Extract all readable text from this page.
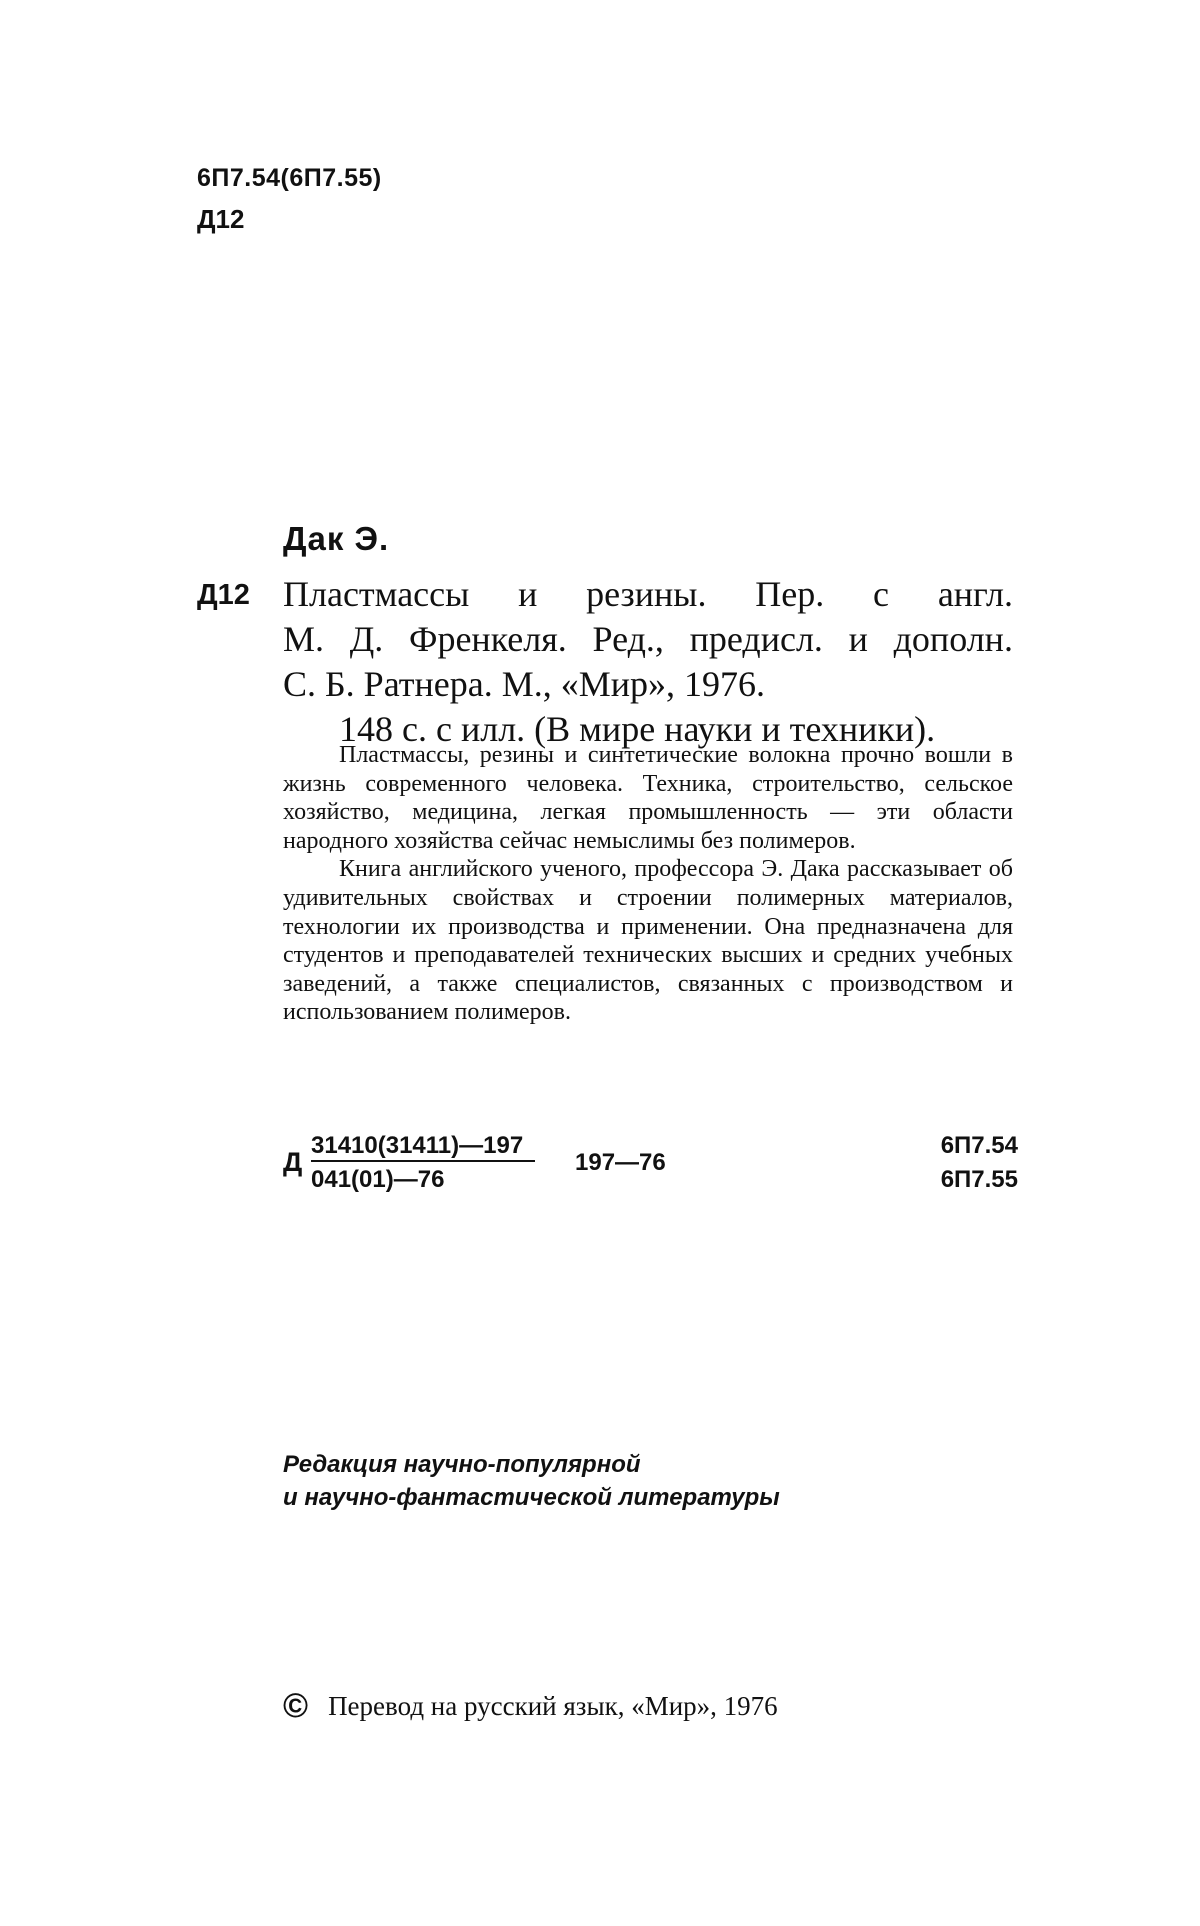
6П7.54(6П7.55)
Д12
Дак Э.
Д12 Пластмассы и резины. Пер. с англ.
М. Д. Френкеля. Ред., предисл. и дополн.
С. Б. Ратнера. М., «Мир», 1976.
148 с. с илл. (В мире науки и техники).

Пластмассы, резины и синтетические волокна прочно вошли в жизнь современного человека. Техника, строительство, сельское хозяйство, медицина, легкая промышленность — эти области народного хозяйства сейчас немыслимы без полимеров.

Книга английского ученого, профессора Э. Дака рассказывает об удивительных свойствах и строении полимерных материалов, технологии их производства и применении. Она предназначена для студентов и преподавателей технических высших и средних учебных заведений, а также специалистов, связанных с производством и использованием полимеров.

Д
31410(31411)—197
041(01)—76
197—76
6П7.54
6П7.55
Редакция научно-популярной
и научно-фантастической литературы
© Перевод на русский язык, «Мир», 1976
